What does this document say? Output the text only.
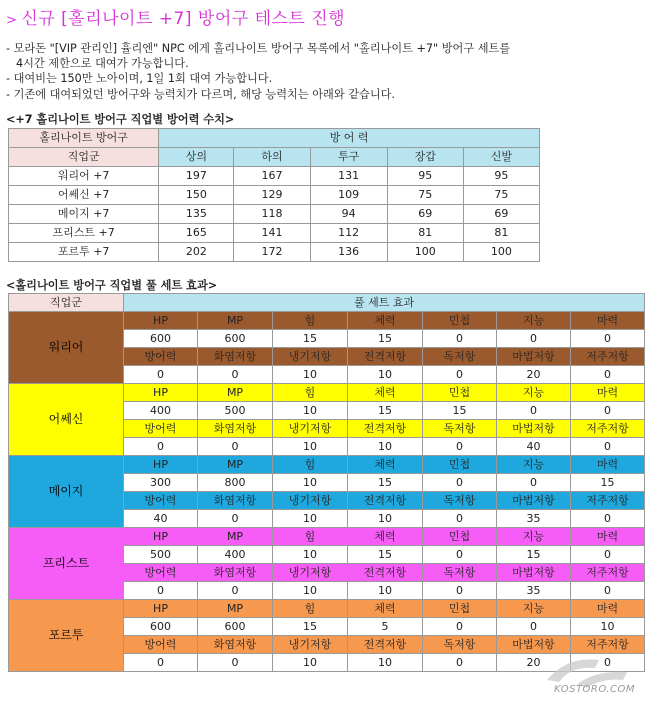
> 신규 [홀리나이트 +7] 방어구 테스트 진행
- 모라돈 "[VIP 관리인] 휼리엔" NPC 에게 홀리나이트 방어구 목록에서 "홀리나이트 +7" 방어구 세트를
4시간 제한으로 대여가 가능합니다.
- 대여비는 150만 노아이며, 1일 1회 대여 가능합니다.
- 기존에 대여되었던 방어구와 능력치가 다르며, 해당 능력치는 아래와 같습니다.
<+7 홀리나이트 방어구 직업별 방어력 수치>
홀리나이트 방어구	방 어 력				
직업군	상의	하의	투구	장갑	신발
워리어 +7	197	167	131	95	95
어쎄신 +7	150	129	109	75	75
메이지 +7	135	118	94	69	69
프리스트 +7	165	141	112	81	81
포르투 +7	202	172	136	100	100
<홀리나이트 방어구 직업별 풀 세트 효과>
직업군	풀 세트 효과						
워리어	HP	MP	힘	체력	민첩	지능	마력
	600	600	15	15	0	0	0
	방어력	화염저항	냉기저항	전격저항	독저항	마법저항	저주저항
	0	0	10	10	0	20	0
어쎄신	HP	MP	힘	체력	민첩	지능	마력
	400	500	10	15	15	0	0
	방어력	화염저항	냉기저항	전격저항	독저항	마법저항	저주저항
	0	0	10	10	0	40	0
메이지	HP	MP	힘	체력	민첩	지능	마력
	300	800	10	15	0	0	15
	방어력	화염저항	냉기저항	전격저항	독저항	마법저항	저주저항
	40	0	10	10	0	35	0
프리스트	HP	MP	힘	체력	민첩	지능	마력
	500	400	10	15	0	15	0
	방어력	화염저항	냉기저항	전격저항	독저항	마법저항	저주저항
	0	0	10	10	0	35	0
포르투	HP	MP	힘	체력	민첩	지능	마력
	600	600	15	5	0	0	10
	방어력	화염저항	냉기저항	전격저항	독저항	마법저항	저주저항
	0	0	10	10	0	20	0
KOSTORO.COM
